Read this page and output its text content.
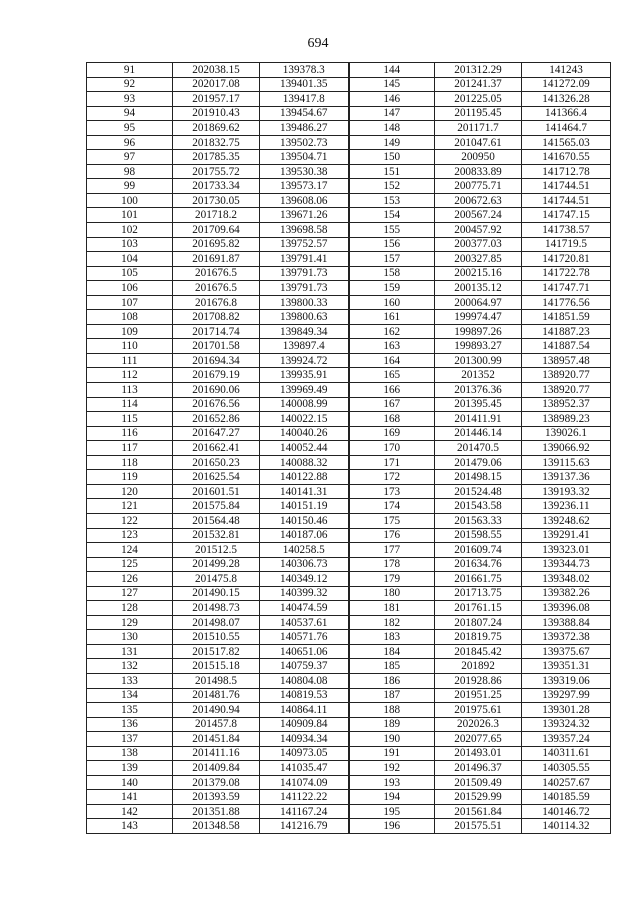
694
91	202038.15	139378.3	144	201312.29	141243
92	202017.08	139401.35	145	201241.37	141272.09
93	201957.17	139417.8	146	201225.05	141326.28
94	201910.43	139454.67	147	201195.45	141366.4
95	201869.62	139486.27	148	201171.7	141464.7
96	201832.75	139502.73	149	201047.61	141565.03
97	201785.35	139504.71	150	200950	141670.55
98	201755.72	139530.38	151	200833.89	141712.78
99	201733.34	139573.17	152	200775.71	141744.51
100	201730.05	139608.06	153	200672.63	141744.51
101	201718.2	139671.26	154	200567.24	141747.15
102	201709.64	139698.58	155	200457.92	141738.57
103	201695.82	139752.57	156	200377.03	141719.5
104	201691.87	139791.41	157	200327.85	141720.81
105	201676.5	139791.73	158	200215.16	141722.78
106	201676.5	139791.73	159	200135.12	141747.71
107	201676.8	139800.33	160	200064.97	141776.56
108	201708.82	139800.63	161	199974.47	141851.59
109	201714.74	139849.34	162	199897.26	141887.23
110	201701.58	139897.4	163	199893.27	141887.54
111	201694.34	139924.72	164	201300.99	138957.48
112	201679.19	139935.91	165	201352	138920.77
113	201690.06	139969.49	166	201376.36	138920.77
114	201676.56	140008.99	167	201395.45	138952.37
115	201652.86	140022.15	168	201411.91	138989.23
116	201647.27	140040.26	169	201446.14	139026.1
117	201662.41	140052.44	170	201470.5	139066.92
118	201650.23	140088.32	171	201479.06	139115.63
119	201625.54	140122.88	172	201498.15	139137.36
120	201601.51	140141.31	173	201524.48	139193.32
121	201575.84	140151.19	174	201543.58	139236.11
122	201564.48	140150.46	175	201563.33	139248.62
123	201532.81	140187.06	176	201598.55	139291.41
124	201512.5	140258.5	177	201609.74	139323.01
125	201499.28	140306.73	178	201634.76	139344.73
126	201475.8	140349.12	179	201661.75	139348.02
127	201490.15	140399.32	180	201713.75	139382.26
128	201498.73	140474.59	181	201761.15	139396.08
129	201498.07	140537.61	182	201807.24	139388.84
130	201510.55	140571.76	183	201819.75	139372.38
131	201517.82	140651.06	184	201845.42	139375.67
132	201515.18	140759.37	185	201892	139351.31
133	201498.5	140804.08	186	201928.86	139319.06
134	201481.76	140819.53	187	201951.25	139297.99
135	201490.94	140864.11	188	201975.61	139301.28
136	201457.8	140909.84	189	202026.3	139324.32
137	201451.84	140934.34	190	202077.65	139357.24
138	201411.16	140973.05	191	201493.01	140311.61
139	201409.84	141035.47	192	201496.37	140305.55
140	201379.08	141074.09	193	201509.49	140257.67
141	201393.59	141122.22	194	201529.99	140185.59
142	201351.88	141167.24	195	201561.84	140146.72
143	201348.58	141216.79	196	201575.51	140114.32
